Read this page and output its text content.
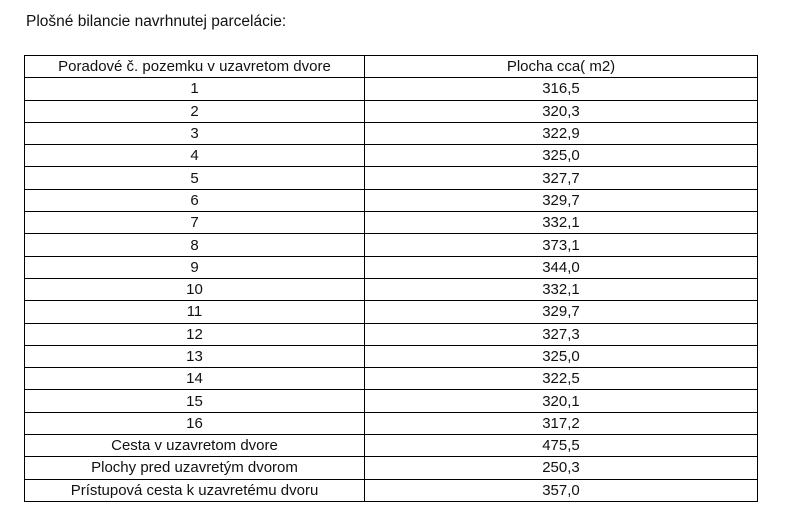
Plošné bilancie navrhnutej parcelácie:
Poradové č. pozemku v uzavretom dvore	Plocha cca( m2)
1	316,5
2	320,3
3	322,9
4	325,0
5	327,7
6	329,7
7	332,1
8	373,1
9	344,0
10	332,1
11	329,7
12	327,3
13	325,0
14	322,5
15	320,1
16	317,2
Cesta v uzavretom dvore	475,5
Plochy pred uzavretým dvorom	250,3
Prístupová cesta k uzavretému dvoru	357,0
